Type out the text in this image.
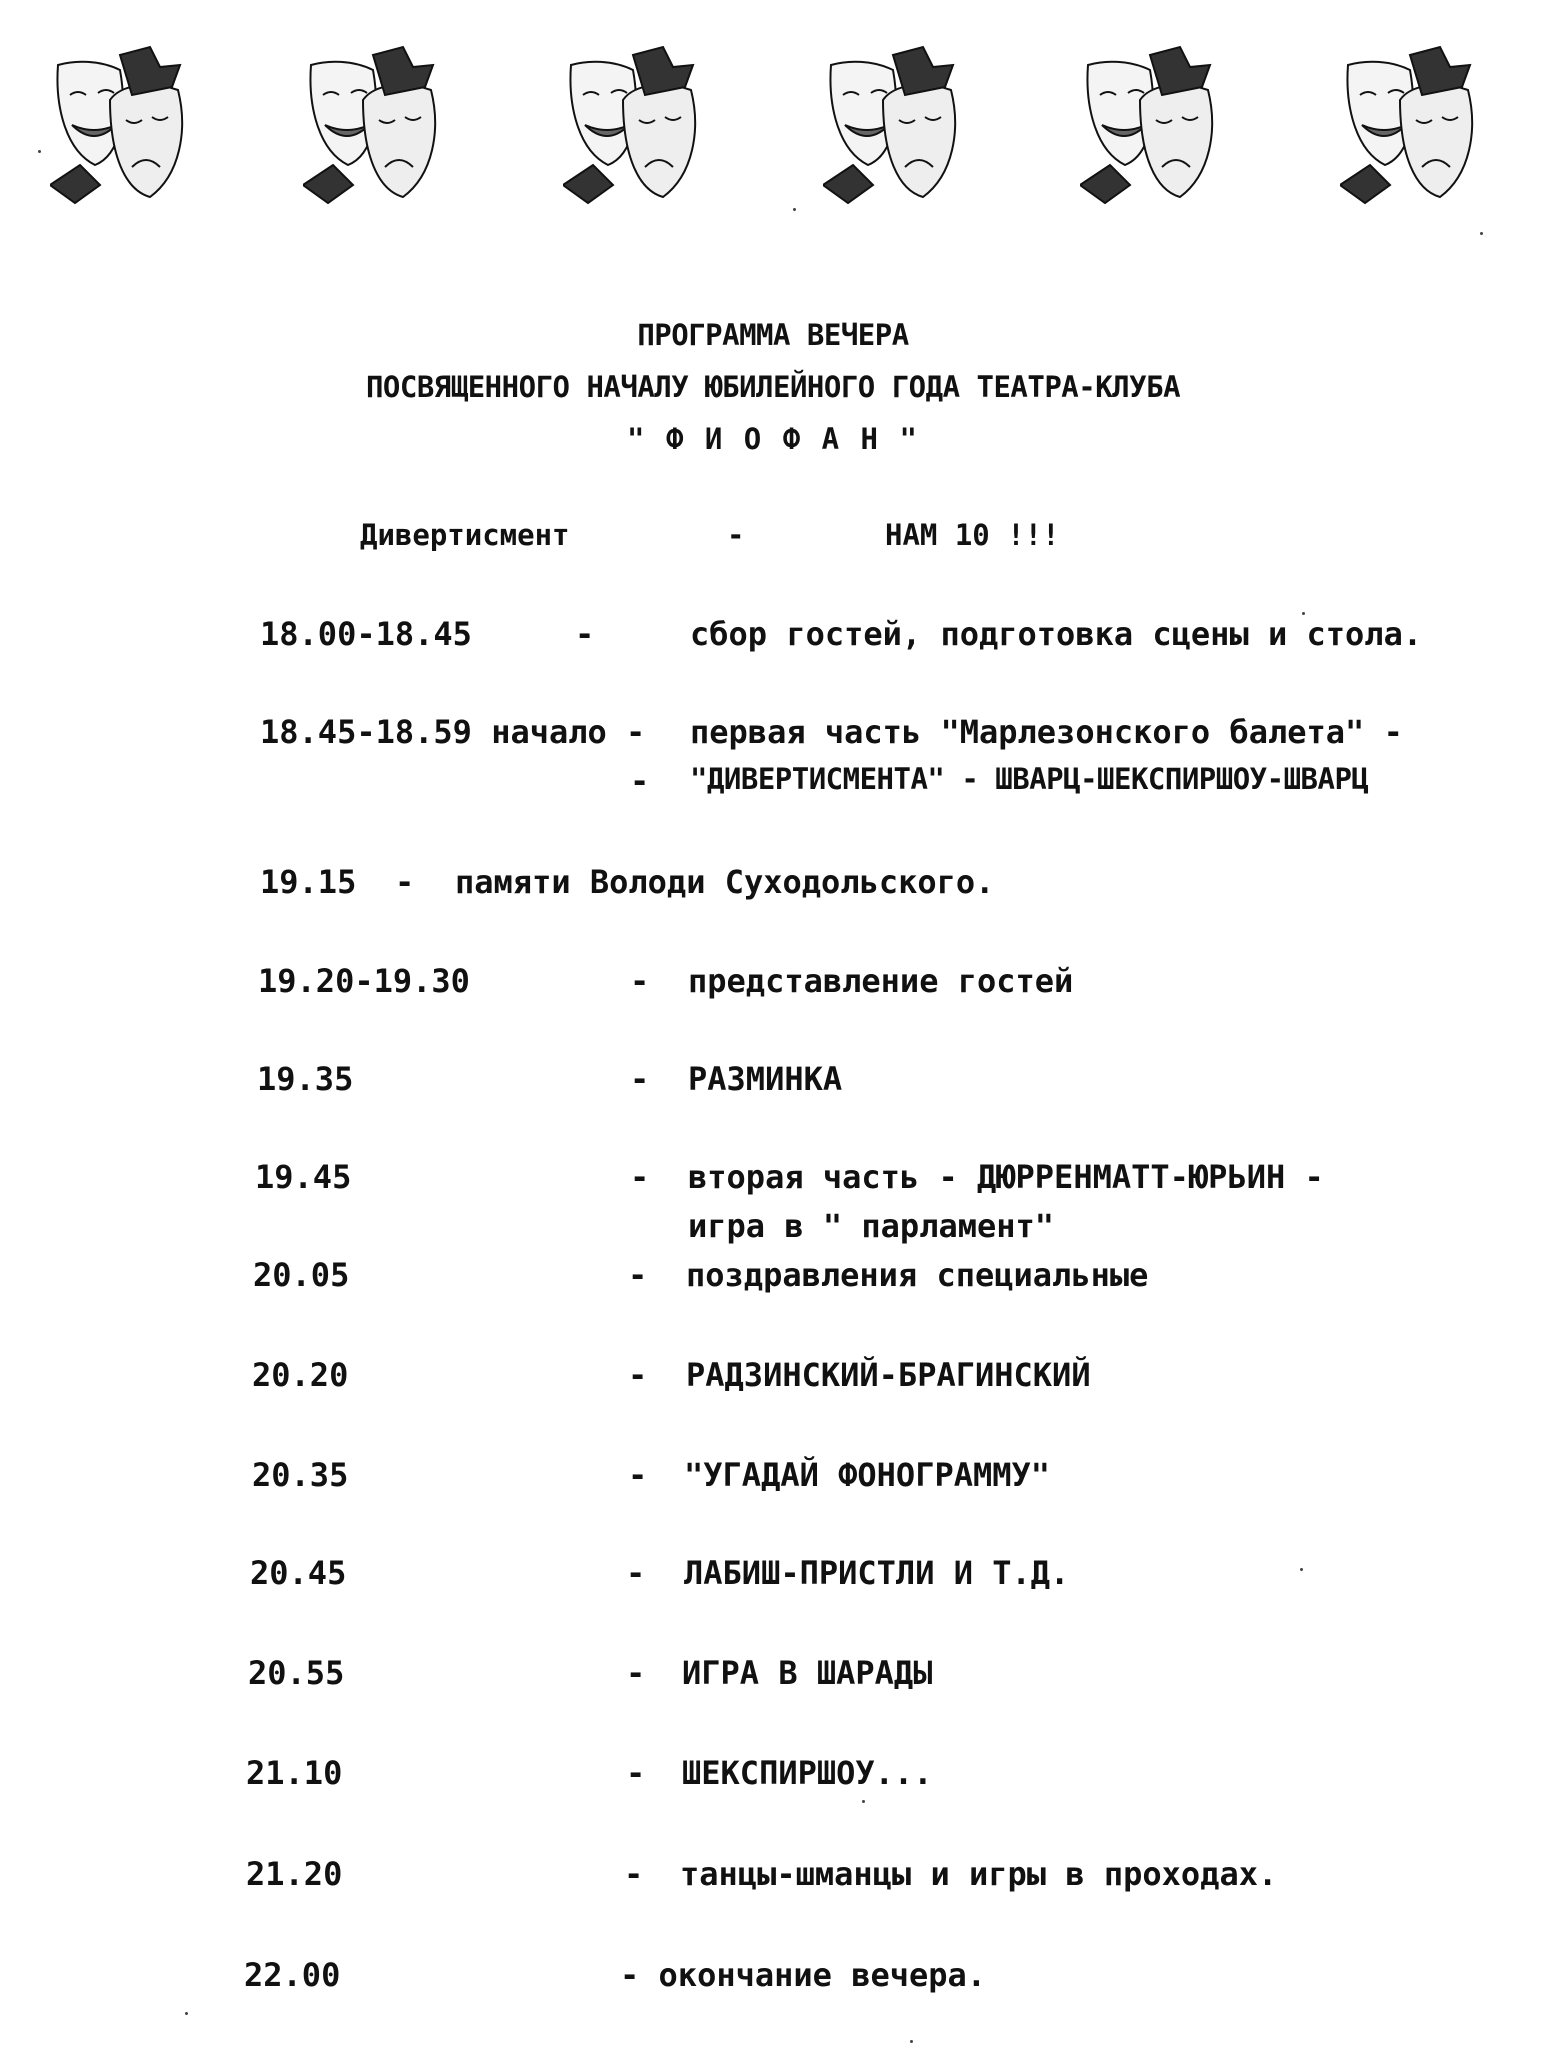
ПРОГРАММА ВЕЧЕРА
ПОСВЯЩЕННОГО НАЧАЛУ ЮБИЛЕЙНОГО ГОДА ТЕАТРА-КЛУБА
" Ф И О Ф А Н "
Дивертисмент	-	НАМ 10 !!!
18.00-18.45	-	сбор гостей, подготовка сцены и стола.
18.45-18.59 начало - первая часть "Марлезонского балета" -
- "ДИВЕРТИСМЕНТА" - ШВАРЦ-ШЕКСПИРШОУ-ШВАРЦ
19.15 - памяти Володи Суходольского.
19.20-19.30	- представление гостей
19.35	- РАЗМИНКА
19.45	- вторая часть - ДЮРРЕНМАТТ-ЮРЬИН -
игра в " парламент"
20.05	- поздравления специальные
20.20	- РАДЗИНСКИЙ-БРАГИНСКИЙ
20.35	- "УГАДАЙ ФОНОГРАММУ"
20.45	- ЛАБИШ-ПРИСТЛИ И Т.Д.
20.55	- ИГРА В ШАРАДЫ
21.10	- ШЕКСПИРШОУ...
21.20	- танцы-шманцы и игры в проходах.
22.00	- окончание вечера.
